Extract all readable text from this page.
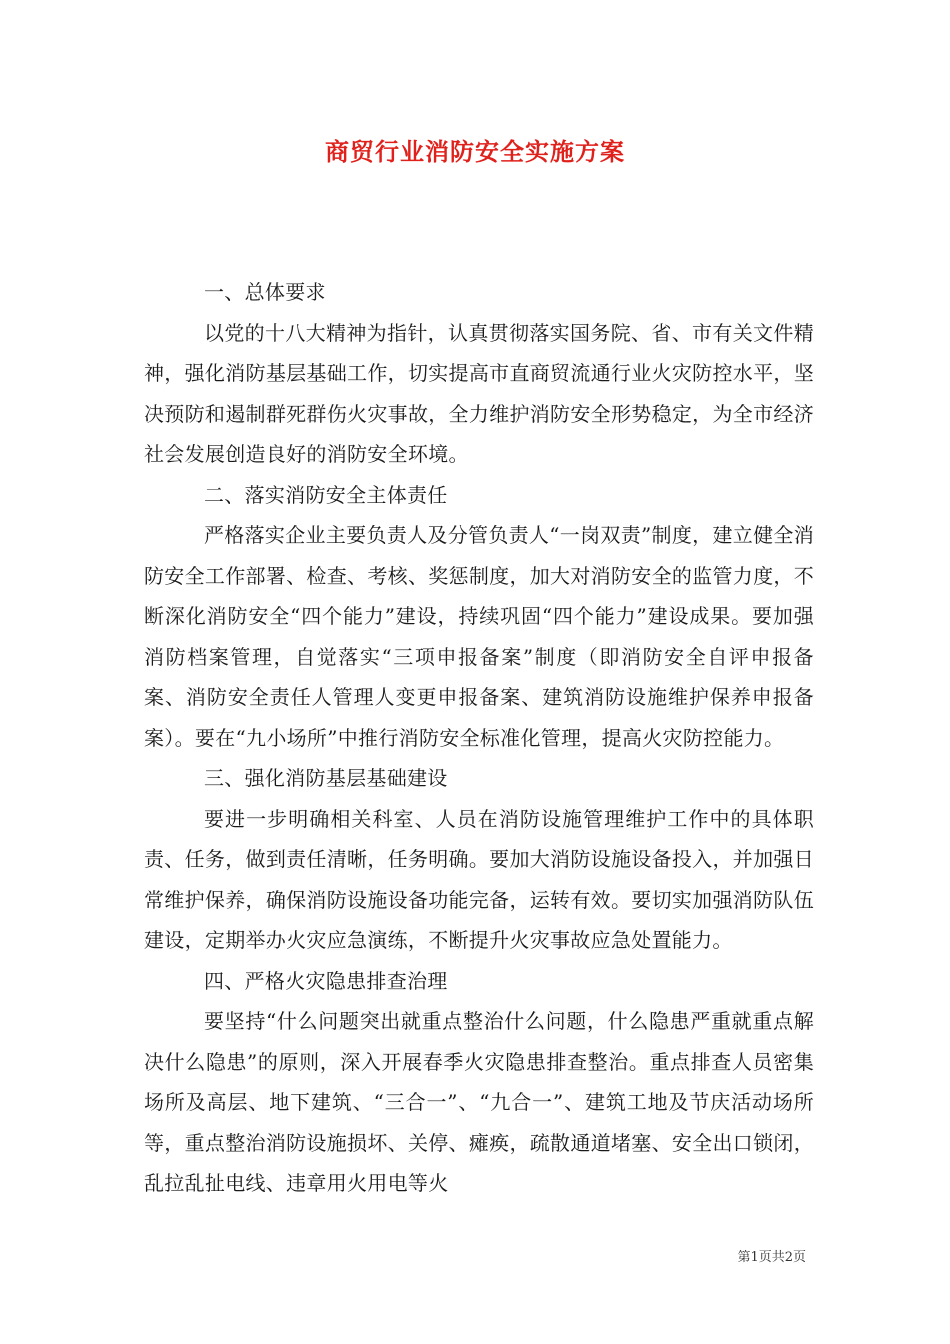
商贸行业消防安全实施方案

一、总体要求

以党的十八大精神为指针，认真贯彻落实国务院、省、市有关文件精神，强化消防基层基础工作，切实提高市直商贸流通行业火灾防控水平，坚决预防和遏制群死群伤火灾事故，全力维护消防安全形势稳定，为全市经济社会发展创造良好的消防安全环境。

二、落实消防安全主体责任

严格落实企业主要负责人及分管负责人“一岗双责”制度，建立健全消防安全工作部署、检查、考核、奖惩制度，加大对消防安全的监管力度，不断深化消防安全“四个能力”建设，持续巩固“四个能力”建设成果。要加强消防档案管理，自觉落实“三项申报备案”制度（即消防安全自评申报备案、消防安全责任人管理人变更申报备案、建筑消防设施维护保养申报备案）。要在“九小场所”中推行消防安全标准化管理，提高火灾防控能力。

三、强化消防基层基础建设

要进一步明确相关科室、人员在消防设施管理维护工作中的具体职责、任务，做到责任清晰，任务明确。要加大消防设施设备投入，并加强日常维护保养，确保消防设施设备功能完备，运转有效。要切实加强消防队伍建设，定期举办火灾应急演练，不断提升火灾事故应急处置能力。

四、严格火灾隐患排查治理

要坚持“什么问题突出就重点整治什么问题，什么隐患严重就重点解决什么隐患”的原则，深入开展春季火灾隐患排查整治。重点排查人员密集场所及高层、地下建筑、“三合一”、“九合一”、建筑工地及节庆活动场所等，重点整治消防设施损坏、关停、瘫痪，疏散通道堵塞、安全出口锁闭，乱拉乱扯电线、违章用火用电等火

第1页共2页
